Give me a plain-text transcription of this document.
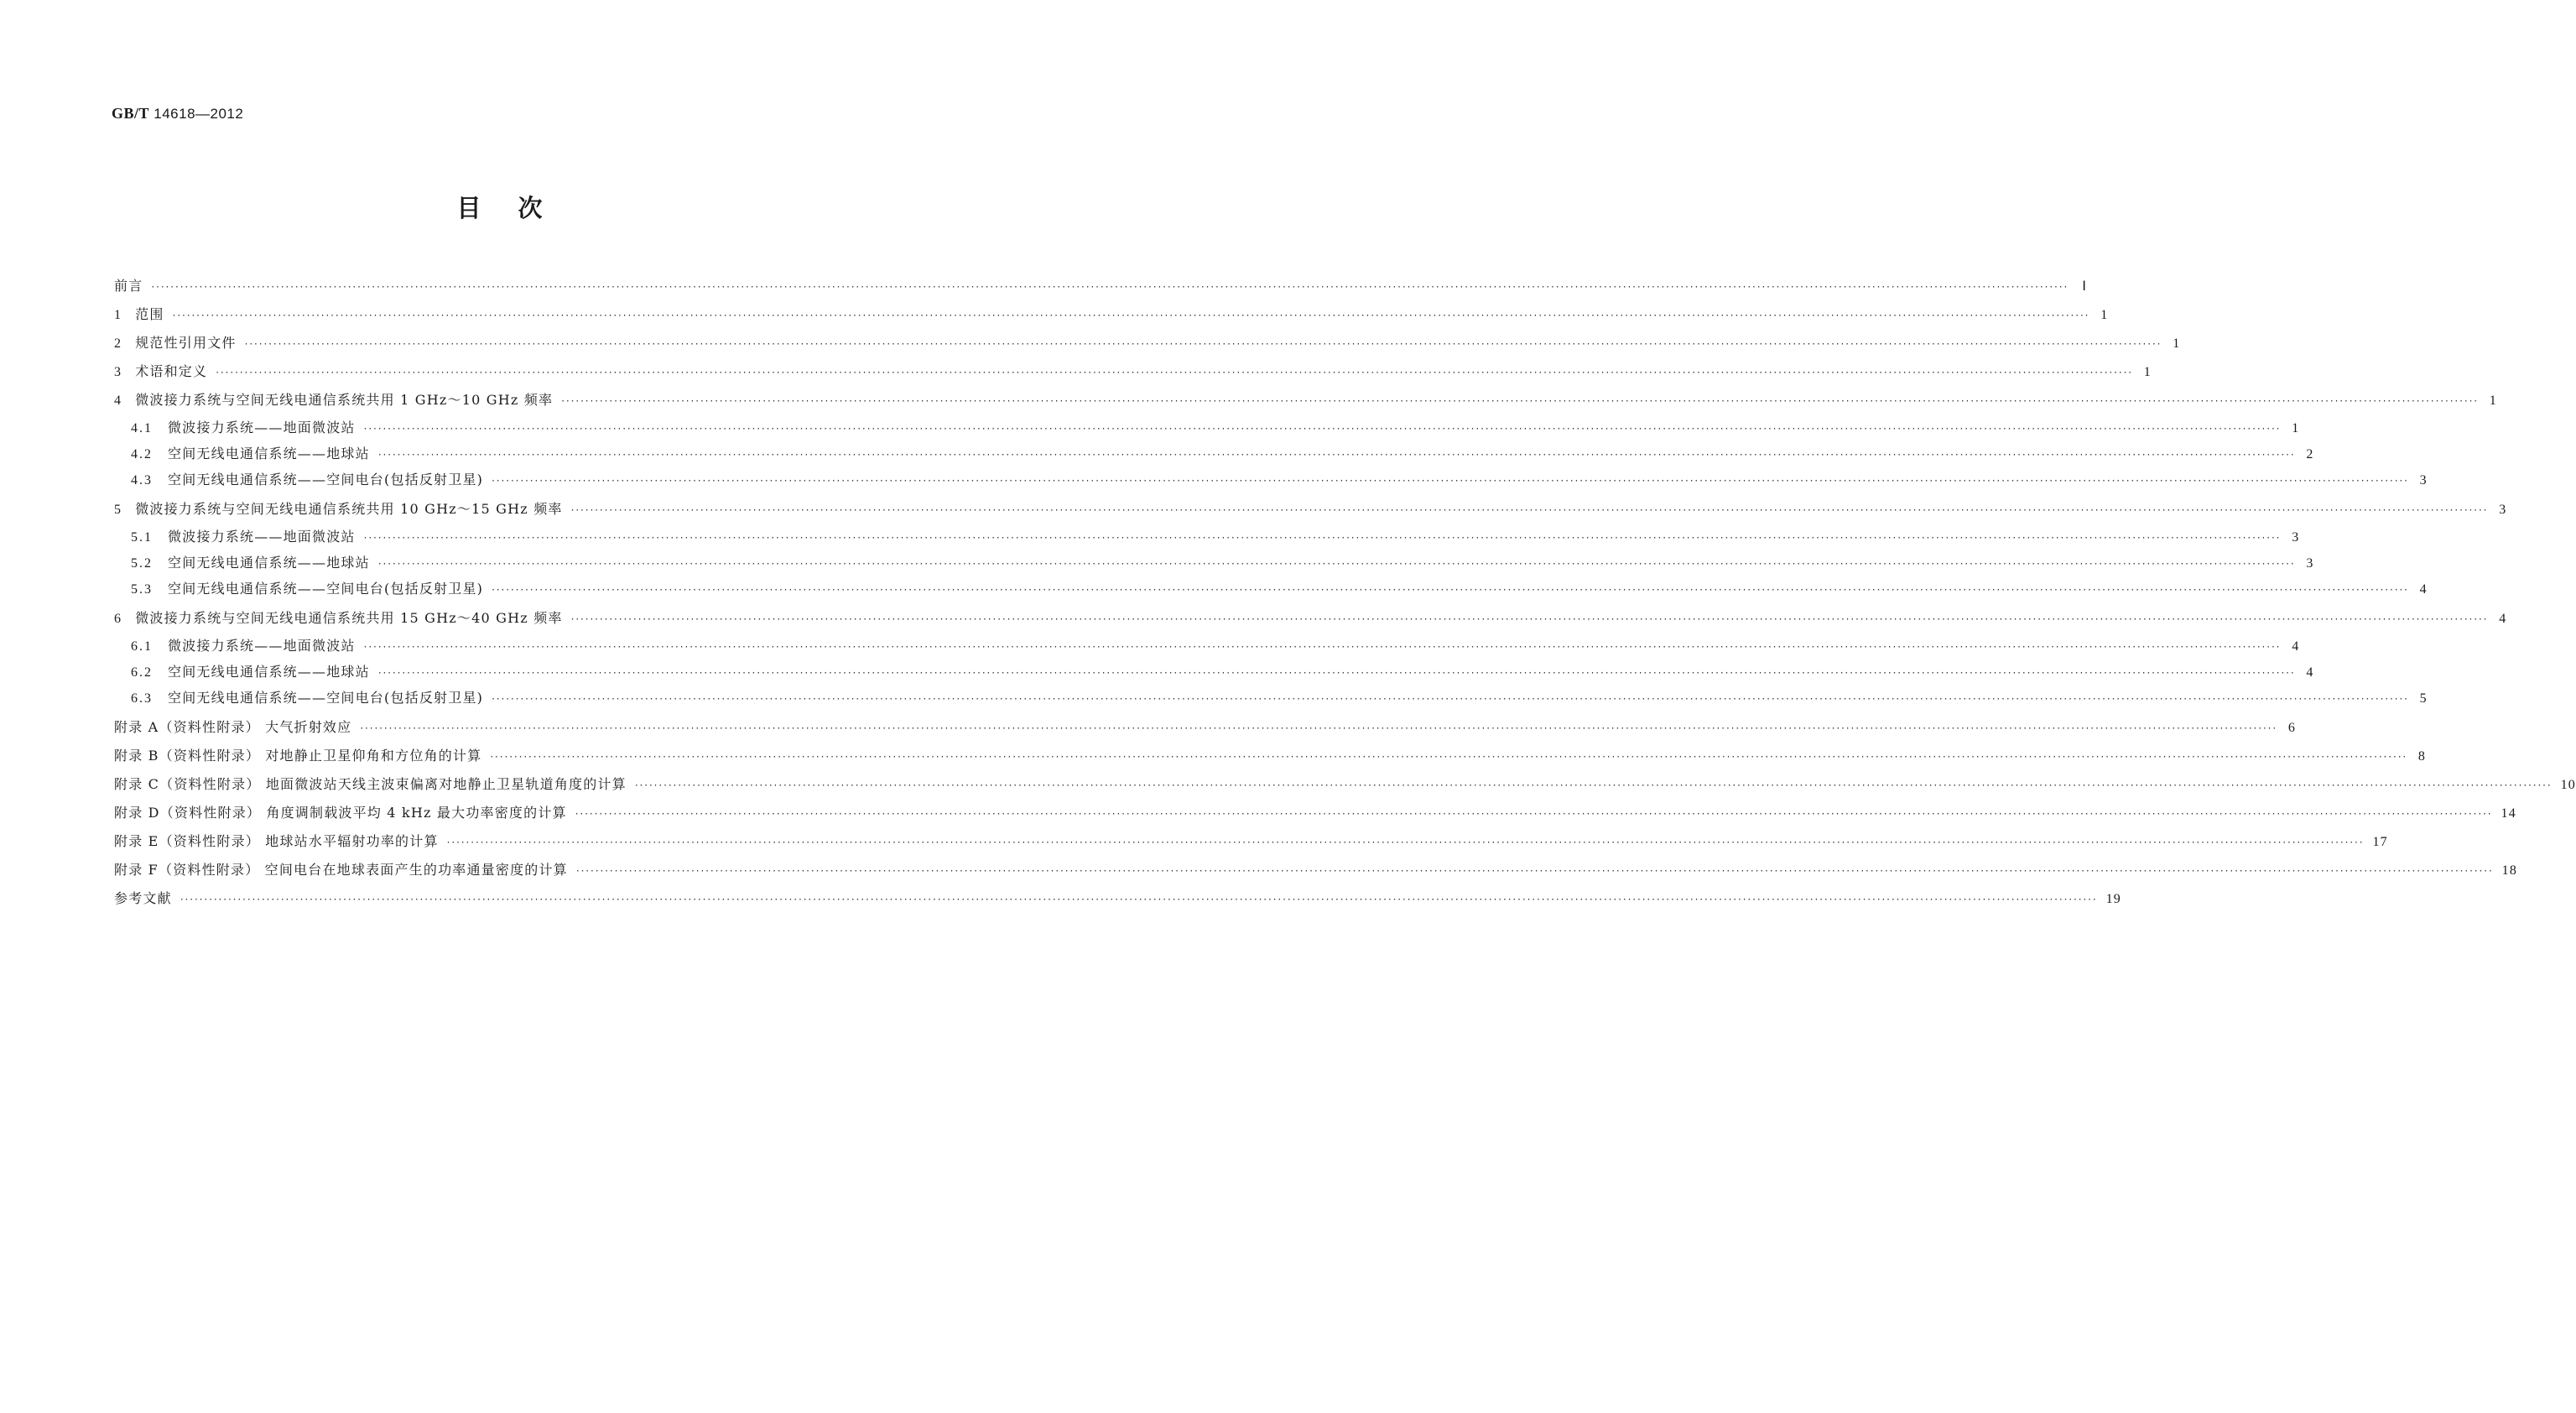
GB/T 14618—2012
目次
前言 ················································································································································································································································································································································································································	Ⅰ
1 范围 ················································································································································································································································································································································································································ 1
2 规范性引用文件 ················································································································································································································································································································································································································ 1
3 术语和定义 ················································································································································································································································································································································································································ 1
4 微波接力系统与空间无线电通信系统共用 1 GHz～10 GHz 频率 ················································································································································································································································································································································································································ 1
4.1 微波接力系统——地面微波站 ················································································································································································································································································································································································································ 1
4.2 空间无线电通信系统——地球站 ················································································································································································································································································································································································································ 2
4.3 空间无线电通信系统——空间电台(包括反射卫星) ················································································································································································································································································································································································································ 3
5 微波接力系统与空间无线电通信系统共用 10 GHz～15 GHz 频率 ················································································································································································································································································································································································································ 3
5.1 微波接力系统——地面微波站 ················································································································································································································································································································································································································ 3
5.2 空间无线电通信系统——地球站 ················································································································································································································································································································································································································ 3
5.3 空间无线电通信系统——空间电台(包括反射卫星) ················································································································································································································································································································································································································ 4
6 微波接力系统与空间无线电通信系统共用 15 GHz～40 GHz 频率 ················································································································································································································································································································································································································ 4
6.1 微波接力系统——地面微波站 ················································································································································································································································································································································································································ 4
6.2 空间无线电通信系统——地球站 ················································································································································································································································································································································································································ 4
6.3 空间无线电通信系统——空间电台(包括反射卫星) ················································································································································································································································································································································································································ 5
附录 A（资料性附录） 大气折射效应 ················································································································································································································································································································································································································ 6
附录 B（资料性附录） 对地静止卫星仰角和方位角的计算 ················································································································································································································································································································································································································ 8
附录 C（资料性附录） 地面微波站天线主波束偏离对地静止卫星轨道角度的计算 ················································································································································································································································································································································································································ 10
附录 D（资料性附录） 角度调制载波平均 4 kHz 最大功率密度的计算 ················································································································································································································································································································································································································ 14
附录 E（资料性附录） 地球站水平辐射功率的计算 ················································································································································································································································································································································································································ 17
附录 F（资料性附录） 空间电台在地球表面产生的功率通量密度的计算 ················································································································································································································································································································································································································ 18
参考文献 ················································································································································································································································································································································································································ 19
